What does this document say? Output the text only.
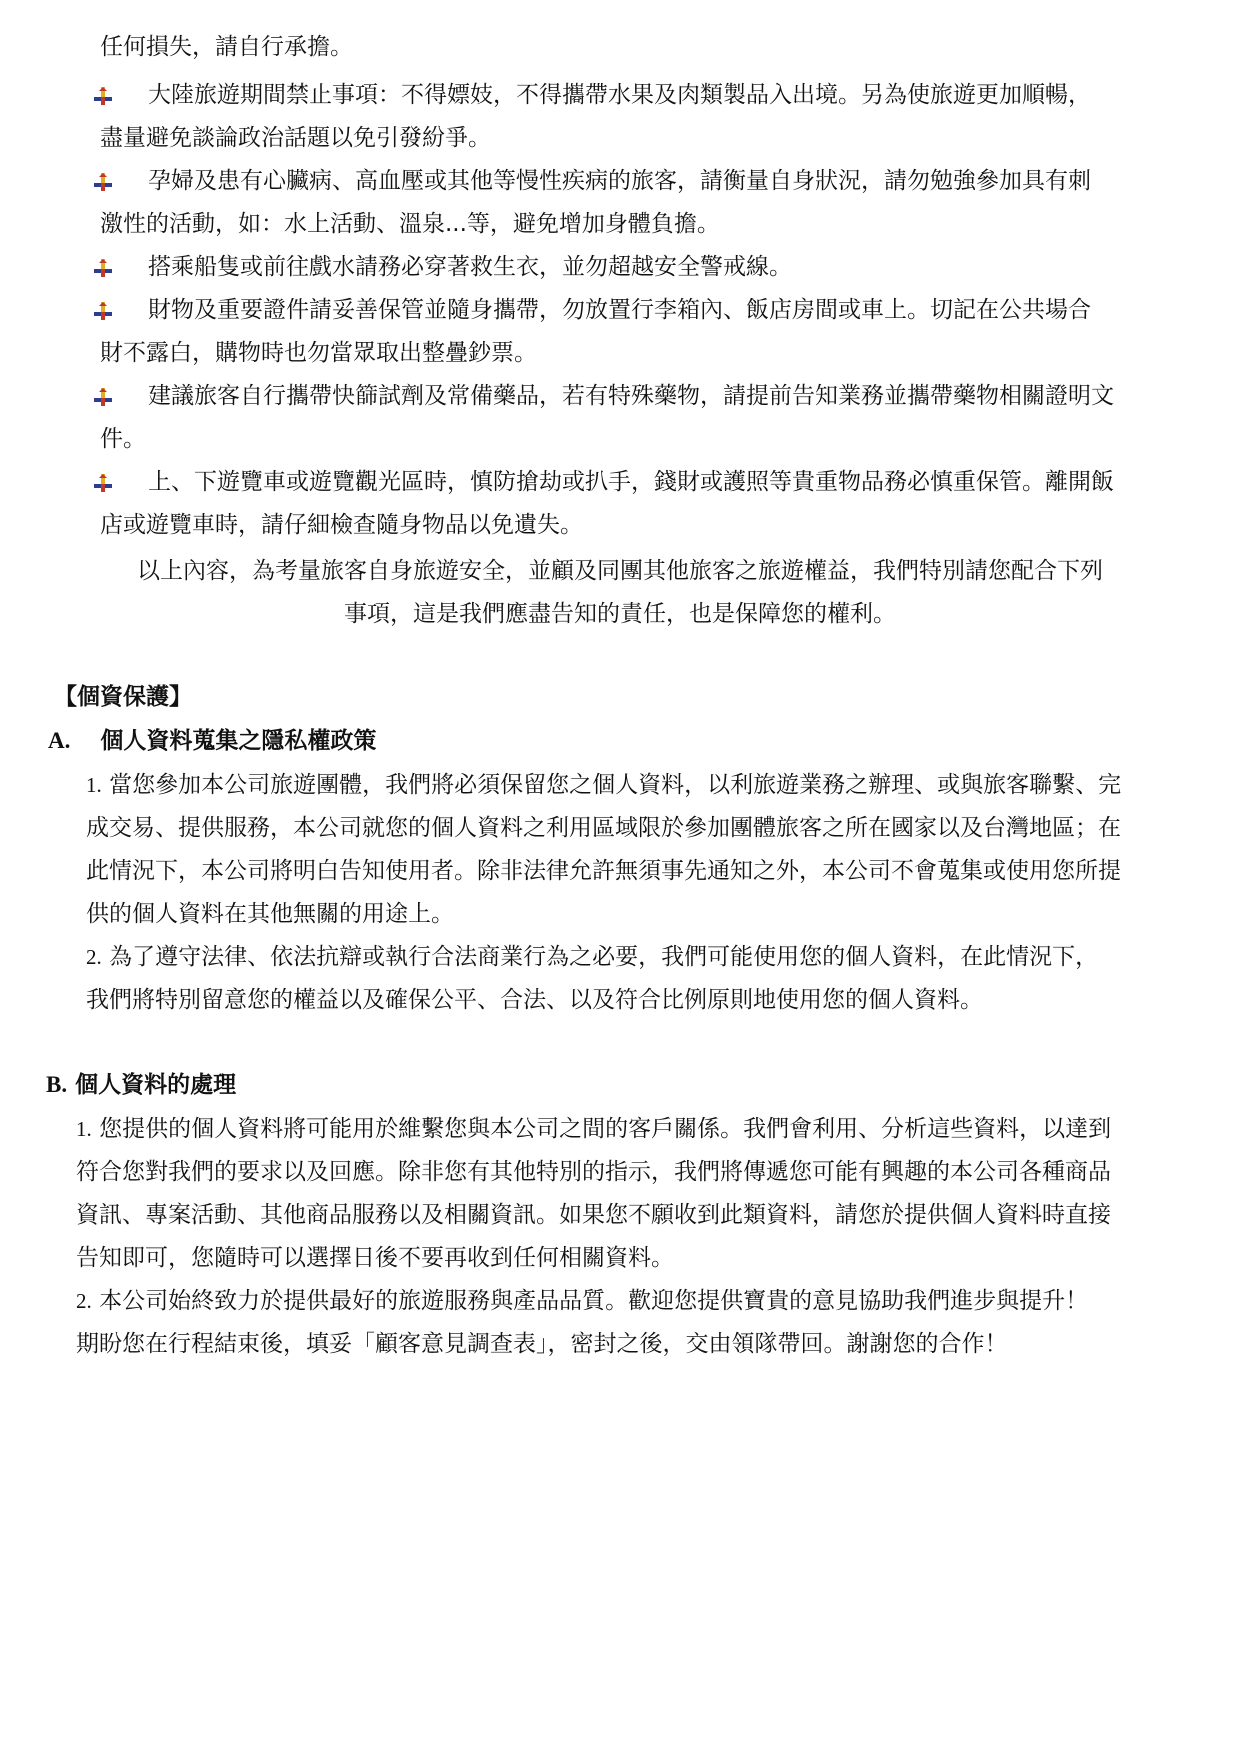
任何損失，請自行承擔。
大陸旅遊期間禁止事項：不得嫖妓，不得攜帶水果及肉類製品入出境。另為使旅遊更加順暢，
盡量避免談論政治話題以免引發紛爭。
孕婦及患有心臟病、高血壓或其他等慢性疾病的旅客，請衡量自身狀況，請勿勉強參加具有刺
激性的活動，如：水上活動、溫泉...等，避免增加身體負擔。
搭乘船隻或前往戲水請務必穿著救生衣，並勿超越安全警戒線。
財物及重要證件請妥善保管並隨身攜帶，勿放置行李箱內、飯店房間或車上。切記在公共場合
財不露白，購物時也勿當眾取出整疊鈔票。
建議旅客自行攜帶快篩試劑及常備藥品，若有特殊藥物，請提前告知業務並攜帶藥物相關證明文
件。
上、下遊覽車或遊覽觀光區時，慎防搶劫或扒手，錢財或護照等貴重物品務必慎重保管。離開飯
店或遊覽車時，請仔細檢查隨身物品以免遺失。
以上內容，為考量旅客自身旅遊安全，並顧及同團其他旅客之旅遊權益，我們特別請您配合下列
事項，這是我們應盡告知的責任，也是保障您的權利。
【個資保護】
A. 個人資料蒐集之隱私權政策
1. 當您參加本公司旅遊團體，我們將必須保留您之個人資料，以利旅遊業務之辦理、或與旅客聯繫、完
成交易、提供服務，本公司就您的個人資料之利用區域限於參加團體旅客之所在國家以及台灣地區；在
此情況下，本公司將明白告知使用者。除非法律允許無須事先通知之外，本公司不會蒐集或使用您所提
供的個人資料在其他無關的用途上。
2. 為了遵守法律、依法抗辯或執行合法商業行為之必要，我們可能使用您的個人資料，在此情況下，
我們將特別留意您的權益以及確保公平、合法、以及符合比例原則地使用您的個人資料。
B. 個人資料的處理
1. 您提供的個人資料將可能用於維繫您與本公司之間的客戶關係。我們會利用、分析這些資料，以達到
符合您對我們的要求以及回應。除非您有其他特別的指示，我們將傳遞您可能有興趣的本公司各種商品
資訊、專案活動、其他商品服務以及相關資訊。如果您不願收到此類資料，請您於提供個人資料時直接
告知即可，您隨時可以選擇日後不要再收到任何相關資料。
2. 本公司始終致力於提供最好的旅遊服務與產品品質。歡迎您提供寶貴的意見協助我們進步與提升！
期盼您在行程結束後，填妥「顧客意見調查表」，密封之後，交由領隊帶回。謝謝您的合作！
